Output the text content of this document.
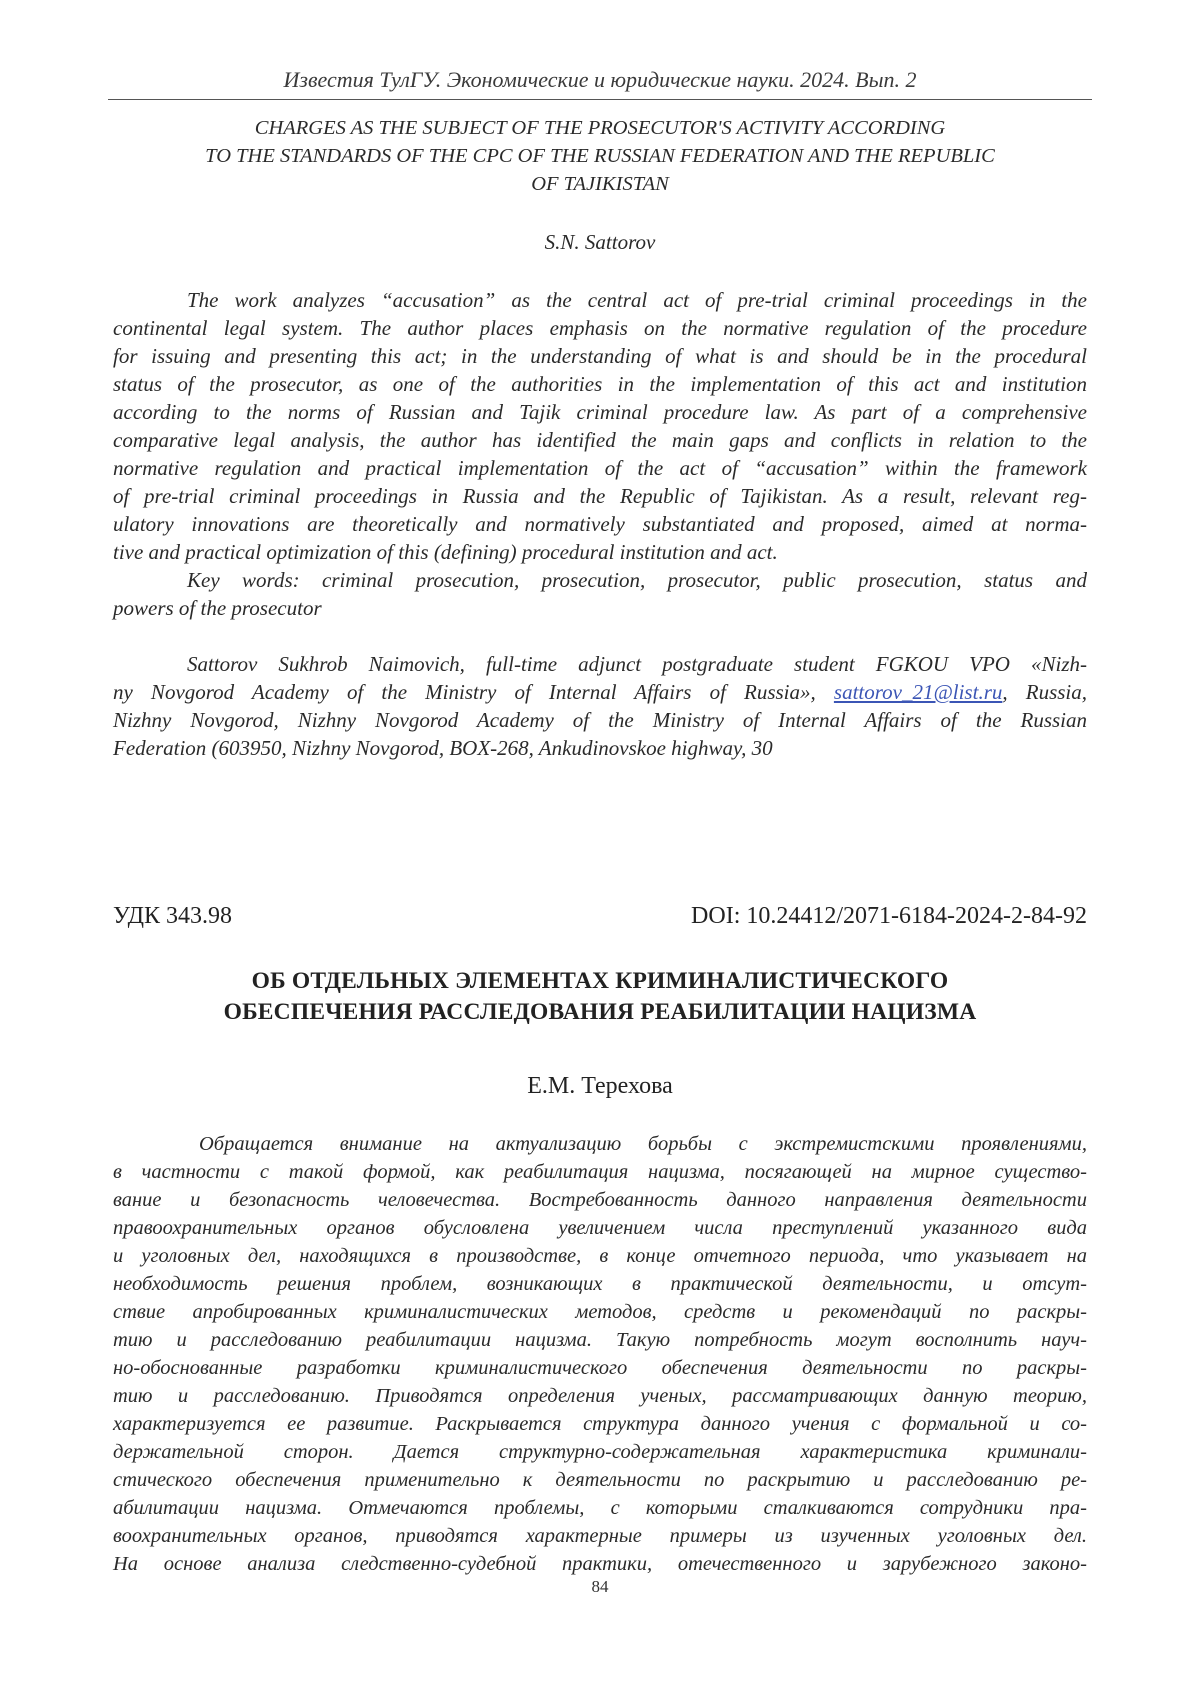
Известия ТулГУ. Экономические и юридические науки. 2024. Вып. 2
CHARGES AS THE SUBJECT OF THE PROSECUTOR'S ACTIVITY ACCORDING
TO THE STANDARDS OF THE CPC OF THE RUSSIAN FEDERATION AND THE REPUBLIC
OF TAJIKISTAN
S.N. Sattorov
The work analyzes “accusation” as the central act of pre-trial criminal proceedings in the
continental legal system. The author places emphasis on the normative regulation of the procedure
for issuing and presenting this act; in the understanding of what is and should be in the procedural
status of the prosecutor, as one of the authorities in the implementation of this act and institution
according to the norms of Russian and Tajik criminal procedure law. As part of a comprehensive
comparative legal analysis, the author has identified the main gaps and conflicts in relation to the
normative regulation and practical implementation of the act of “accusation” within the framework
of pre-trial criminal proceedings in Russia and the Republic of Tajikistan. As a result, relevant reg-
ulatory innovations are theoretically and normatively substantiated and proposed, aimed at norma-
tive and practical optimization of this (defining) procedural institution and act.
Key words: criminal prosecution, prosecution, prosecutor, public prosecution, status and
powers of the prosecutor
Sattorov Sukhrob Naimovich, full-time adjunct postgraduate student FGKOU VPO «Nizh-
ny Novgorod Academy of the Ministry of Internal Affairs of Russia», sattorov_21@list.ru, Russia,
Nizhny Novgorod, Nizhny Novgorod Academy of the Ministry of Internal Affairs of the Russian
Federation (603950, Nizhny Novgorod, BOX-268, Ankudinovskoe highway, 30
УДК 343.98	DOI: 10.24412/2071-6184-2024-2-84-92
ОБ ОТДЕЛЬНЫХ ЭЛЕМЕНТАХ КРИМИНАЛИСТИЧЕСКОГО
ОБЕСПЕЧЕНИЯ РАССЛЕДОВАНИЯ РЕАБИЛИТАЦИИ НАЦИЗМА
Е.М. Терехова
Обращается внимание на актуализацию борьбы с экстремистскими проявлениями,
в частности с такой формой, как реабилитация нацизма, посягающей на мирное существо-
вание и безопасность человечества. Востребованность данного направления деятельности
правоохранительных органов обусловлена увеличением числа преступлений указанного вида
и уголовных дел, находящихся в производстве, в конце отчетного периода, что указывает на
необходимость решения проблем, возникающих в практической деятельности, и отсут-
ствие апробированных криминалистических методов, средств и рекомендаций по раскры-
тию и расследованию реабилитации нацизма. Такую потребность могут восполнить науч-
но-обоснованные разработки криминалистического обеспечения деятельности по раскры-
тию и расследованию. Приводятся определения ученых, рассматривающих данную теорию,
характеризуется ее развитие. Раскрывается структура данного учения с формальной и со-
держательной сторон. Дается структурно-содержательная характеристика криминали-
стического обеспечения применительно к деятельности по раскрытию и расследованию ре-
абилитации нацизма. Отмечаются проблемы, с которыми сталкиваются сотрудники пра-
воохранительных органов, приводятся характерные примеры из изученных уголовных дел.
На основе анализа следственно-судебной практики, отечественного и зарубежного законо-
84
